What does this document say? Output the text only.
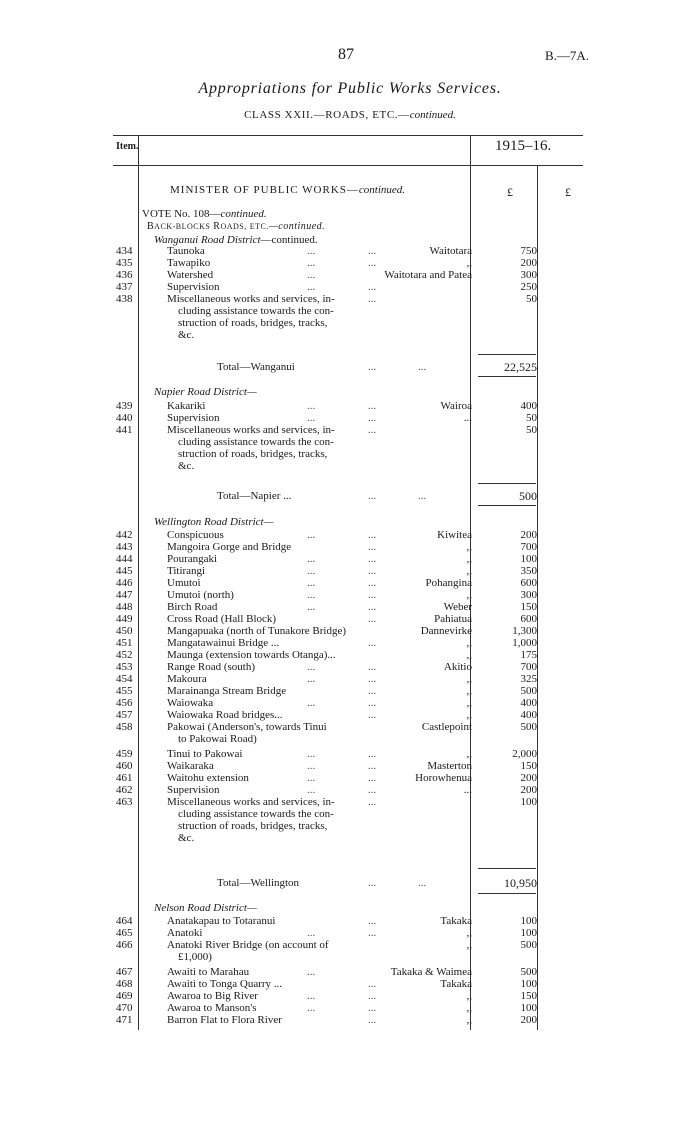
87	B.—7A.
Appropriations for Public Works Services.
CLASS XXII.—ROADS, ETC.—continued.
Item.	1915–16.
MINISTER OF PUBLIC WORKS—continued.	£	£
VOTE No. 108—continued.
BACK-BLOCKS ROADS, ETC.—continued.
Wanganui Road District—continued.
434	Taunoka	...	...	Waitotara	750
435	Tawapiko	...	...	,,	200
436	Watershed	...	Waitotara and Patea	300
437	Supervision	...	...	250
438	Miscellaneous works and services, in-	...	50
cluding assistance towards the con-
struction of roads, bridges, tracks,
&c.
Total—Wanganui	...	...	22,525
Napier Road District—
439	Kakariki	...	...	Wairoa	400
440	Supervision	...	...	...	50
441	Miscellaneous works and services, in-	...	50
cluding assistance towards the con-
struction of roads, bridges, tracks,
&c.
Total—Napier ...	...	...	500
Wellington Road District—
442	Conspicuous	...	...	Kiwitea	200
443	Mangoira Gorge and Bridge	...	,,	700
444	Pourangaki	...	...	,,	100
445	Titirangi	...	...	,,	350
446	Umutoi	...	...	Pohangina	600
447	Umutoi (north)	...	...	,,	300
448	Birch Road	...	...	Weber	150
449	Cross Road (Hall Block)	...	Pahiatua	600
450	Mangapuaka (north of Tunakore Bridge)	Dannevirke	1,300
451	Mangatawainui Bridge ...	...	,,	1,000
452	Maunga (extension towards Otanga)...	,,	175
453	Range Road (south)	...	...	Akitio	700
454	Makoura	...	...	,,	325
455	Marainanga Stream Bridge	...	,,	500
456	Waiowaka	...	...	,,	400
457	Waiowaka Road bridges...	...	,,	400
458	Pakowai (Anderson's, towards Tinui	Castlepoint	500
to Pakowai Road)
459	Tinui to Pakowai	...	...	,,	2,000
460	Waikaraka	...	...	Masterton	150
461	Waitohu extension	...	...	Horowhenua	200
462	Supervision	...	...	...	200
463	Miscellaneous works and services, in-	...	100
cluding assistance towards the con-
struction of roads, bridges, tracks,
&c.
Total—Wellington	...	...	10,950
Nelson Road District—
464	Anatakapau to Totaranui	...	Takaka	100
465	Anatoki	...	...	,,	100
466	Anatoki River Bridge (on account of	,,	500
£1,000)
467	Awaiti to Marahau	...	Takaka & Waimea	500
468	Awaiti to Tonga Quarry ...	...	Takaka	100
469	Awaroa to Big River	...	...	,,	150
470	Awaroa to Manson's	...	...	,,	100
471	Barron Flat to Flora River	...	,,	200
